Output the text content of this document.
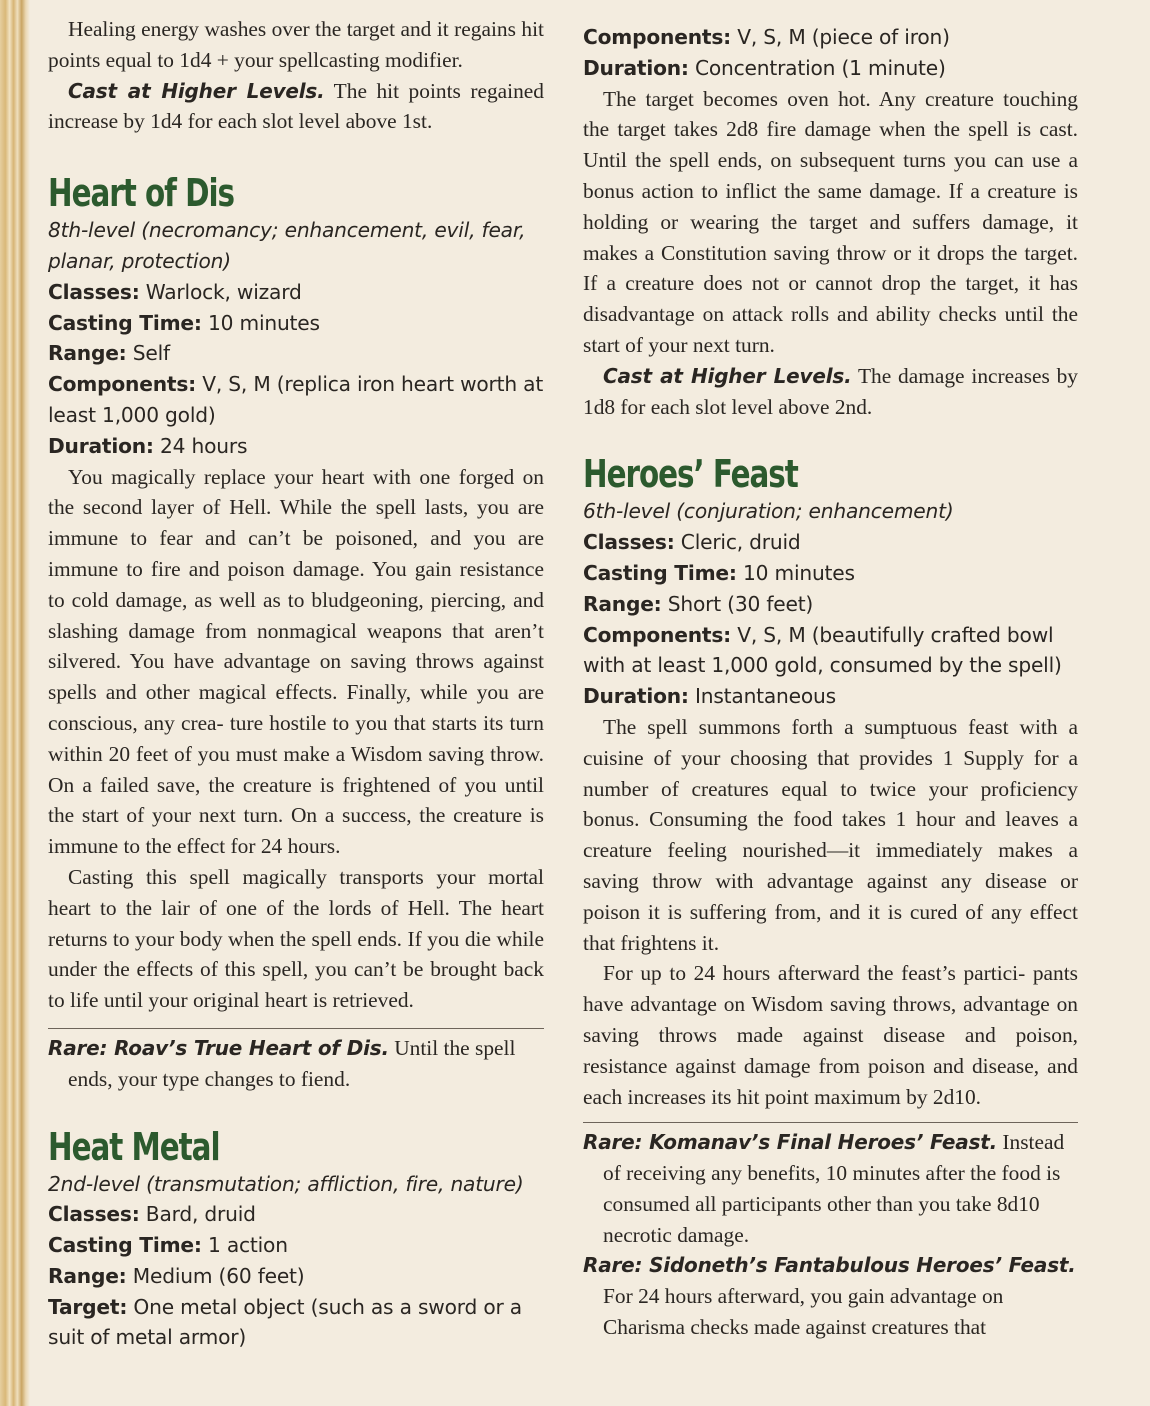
Healing energy washes over the target and it regains hit points equal to 1d4 + your spellcasting modifier.

Cast at Higher Levels. The hit points regained increase by 1d4 for each slot level above 1st.

Heart of Dis

8th-level (necromancy; enhancement, evil, fear, planar, protection)

Classes: Warlock, wizard

Casting Time: 10 minutes

Range: Self

Components: V, S, M (replica iron heart worth at least 1,000 gold)

Duration: 24 hours

You magically replace your heart with one forged on the second layer of Hell. While the spell lasts, you are immune to fear and can’t be poisoned, and you are immune to fire and poison damage. You gain resistance to cold damage, as well as to bludgeoning, piercing, and slashing damage from nonmagical weapons that aren’t silvered. You have advantage on saving throws against spells and other magical effects. Finally, while you are conscious, any crea- ture hostile to you that starts its turn within 20 feet of you must make a Wisdom saving throw. On a failed save, the creature is frightened of you until the start of your next turn. On a success, the creature is immune to the effect for 24 hours.

Casting this spell magically transports your mortal heart to the lair of one of the lords of Hell. The heart returns to your body when the spell ends. If you die while under the effects of this spell, you can’t be brought back to life until your original heart is retrieved.

Rare: Roav’s True Heart of Dis. Until the spell ends, your type changes to fiend.

Heat Metal

2nd-level (transmutation; affliction, fire, nature)

Classes: Bard, druid

Casting Time: 1 action

Range: Medium (60 feet)

Target: One metal object (such as a sword or a suit of metal armor)

Components: V, S, M (piece of iron)

Duration: Concentration (1 minute)

The target becomes oven hot. Any creature touching the target takes 2d8 fire damage when the spell is cast. Until the spell ends, on subsequent turns you can use a bonus action to inflict the same damage. If a creature is holding or wearing the target and suffers damage, it makes a Constitution saving throw or it drops the target. If a creature does not or cannot drop the target, it has disadvantage on attack rolls and ability checks until the start of your next turn.

Cast at Higher Levels. The damage increases by 1d8 for each slot level above 2nd.

Heroes’ Feast

6th-level (conjuration; enhancement)

Classes: Cleric, druid

Casting Time: 10 minutes

Range: Short (30 feet)

Components: V, S, M (beautifully crafted bowl with at least 1,000 gold, consumed by the spell)

Duration: Instantaneous

The spell summons forth a sumptuous feast with a cuisine of your choosing that provides 1 Supply for a number of creatures equal to twice your proficiency bonus. Consuming the food takes 1 hour and leaves a creature feeling nourished—it immediately makes a saving throw with advantage against any disease or poison it is suffering from, and it is cured of any effect that frightens it.

For up to 24 hours afterward the feast’s partici- pants have advantage on Wisdom saving throws, advantage on saving throws made against disease and poison, resistance against damage from poison and disease, and each increases its hit point maximum by 2d10.

Rare: Komanav’s Final Heroes’ Feast. Instead of receiving any benefits, 10 minutes after the food is consumed all participants other than you take 8d10 necrotic damage.

Rare: Sidoneth’s Fantabulous Heroes’ Feast. For 24 hours afterward, you gain advantage on Charisma checks made against creatures that
